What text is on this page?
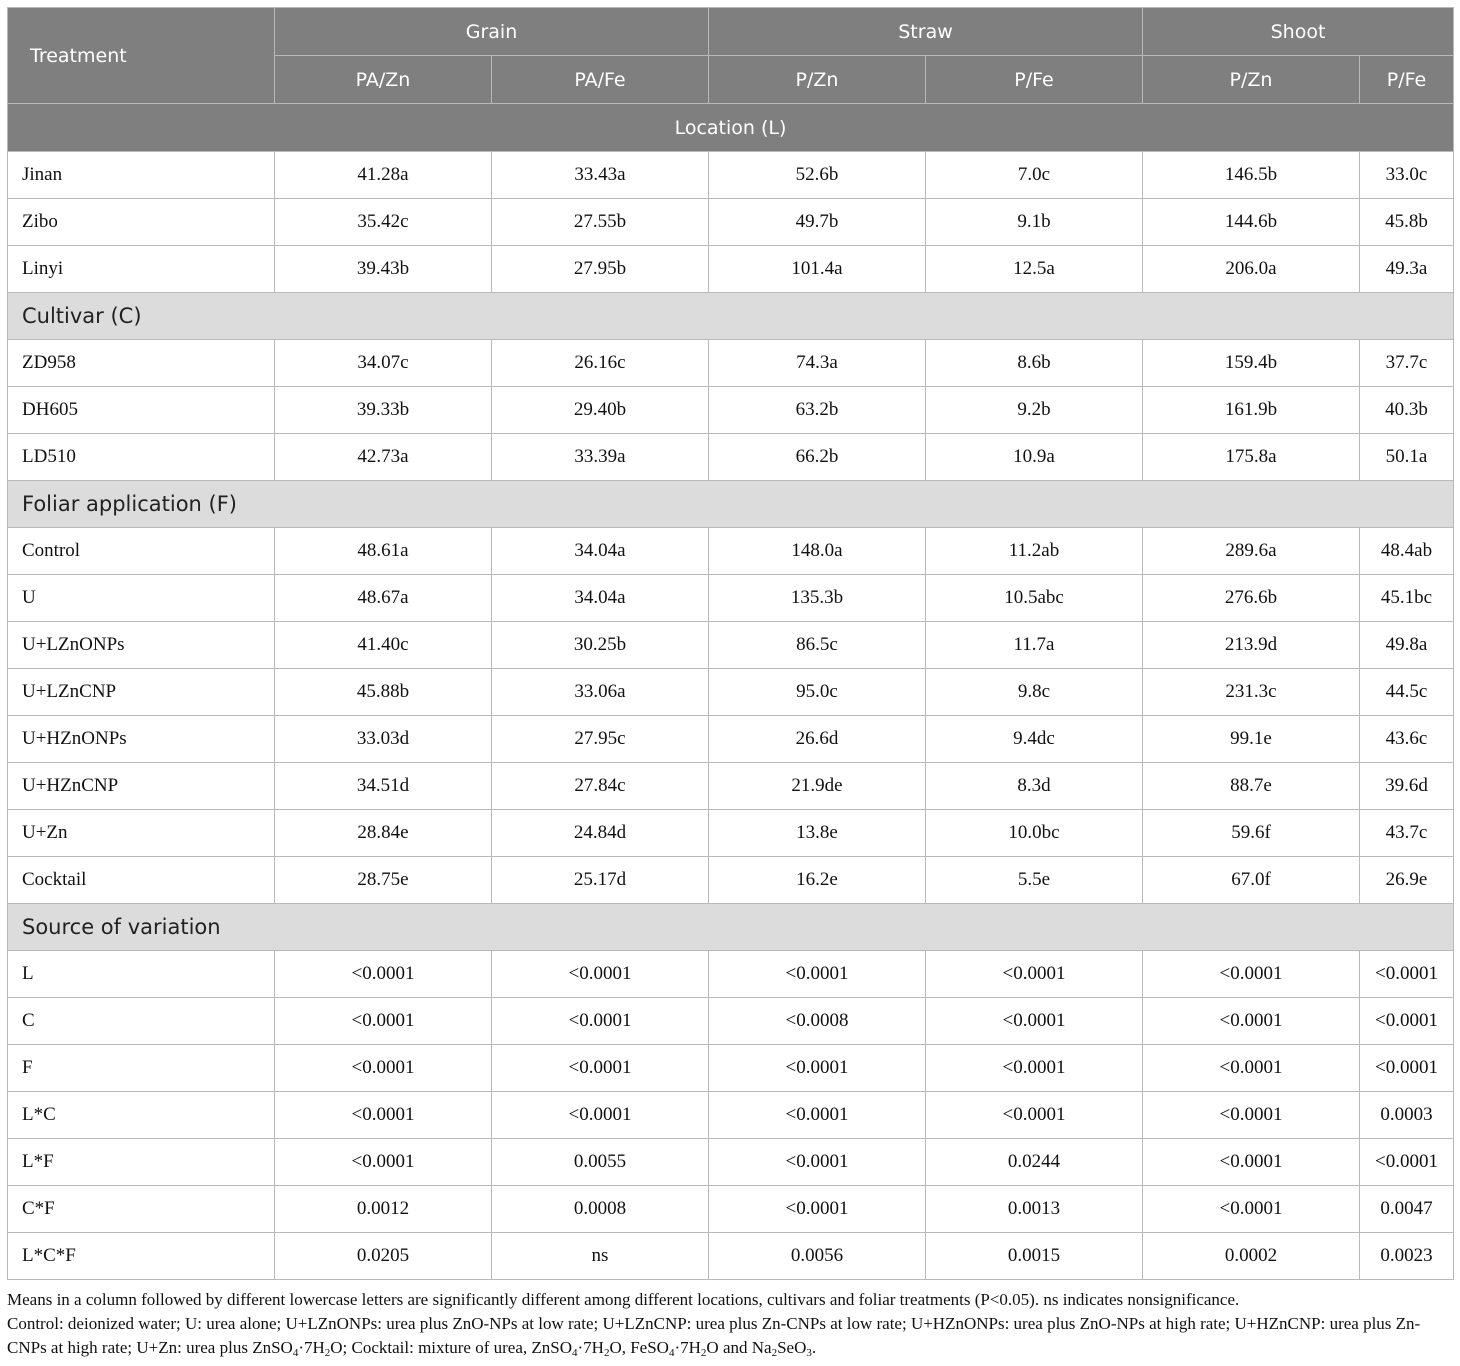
Treatment	Grain		Straw		Shoot	
	PA/Zn	PA/Fe	P/Zn	P/Fe	P/Zn	P/Fe
Location (L)						
Jinan	41.28a	33.43a	52.6b	7.0c	146.5b	33.0c
Zibo	35.42c	27.55b	49.7b	9.1b	144.6b	45.8b
Linyi	39.43b	27.95b	101.4a	12.5a	206.0a	49.3a
Cultivar (C)						
ZD958	34.07c	26.16c	74.3a	8.6b	159.4b	37.7c
DH605	39.33b	29.40b	63.2b	9.2b	161.9b	40.3b
LD510	42.73a	33.39a	66.2b	10.9a	175.8a	50.1a
Foliar application (F)						
Control	48.61a	34.04a	148.0a	11.2ab	289.6a	48.4ab
U	48.67a	34.04a	135.3b	10.5abc	276.6b	45.1bc
U+LZnONPs	41.40c	30.25b	86.5c	11.7a	213.9d	49.8a
U+LZnCNP	45.88b	33.06a	95.0c	9.8c	231.3c	44.5c
U+HZnONPs	33.03d	27.95c	26.6d	9.4dc	99.1e	43.6c
U+HZnCNP	34.51d	27.84c	21.9de	8.3d	88.7e	39.6d
U+Zn	28.84e	24.84d	13.8e	10.0bc	59.6f	43.7c
Cocktail	28.75e	25.17d	16.2e	5.5e	67.0f	26.9e
Source of variation						
L	<0.0001	<0.0001	<0.0001	<0.0001	<0.0001	<0.0001
C	<0.0001	<0.0001	<0.0008	<0.0001	<0.0001	<0.0001
F	<0.0001	<0.0001	<0.0001	<0.0001	<0.0001	<0.0001
L*C	<0.0001	<0.0001	<0.0001	<0.0001	<0.0001	0.0003
L*F	<0.0001	0.0055	<0.0001	0.0244	<0.0001	<0.0001
C*F	0.0012	0.0008	<0.0001	0.0013	<0.0001	0.0047
L*C*F	0.0205	ns	0.0056	0.0015	0.0002	0.0023

Means in a column followed by different lowercase letters are significantly different among different locations, cultivars and foliar treatments (P<0.05). ns indicates nonsignificance.

Control: deionized water; U: urea alone; U+LZnONPs: urea plus ZnO-NPs at low rate; U+LZnCNP: urea plus Zn-CNPs at low rate; U+HZnONPs: urea plus ZnO-NPs at high rate; U+HZnCNP: urea plus Zn-CNPs at high rate; U+Zn: urea plus $ZnSO_4\cdot 7H_2O$; Cocktail: mixture of urea, $ZnSO_4\cdot 7H_2O$, $FeSO_4\cdot 7H_2O$ and $Na_2SeO_3$.
